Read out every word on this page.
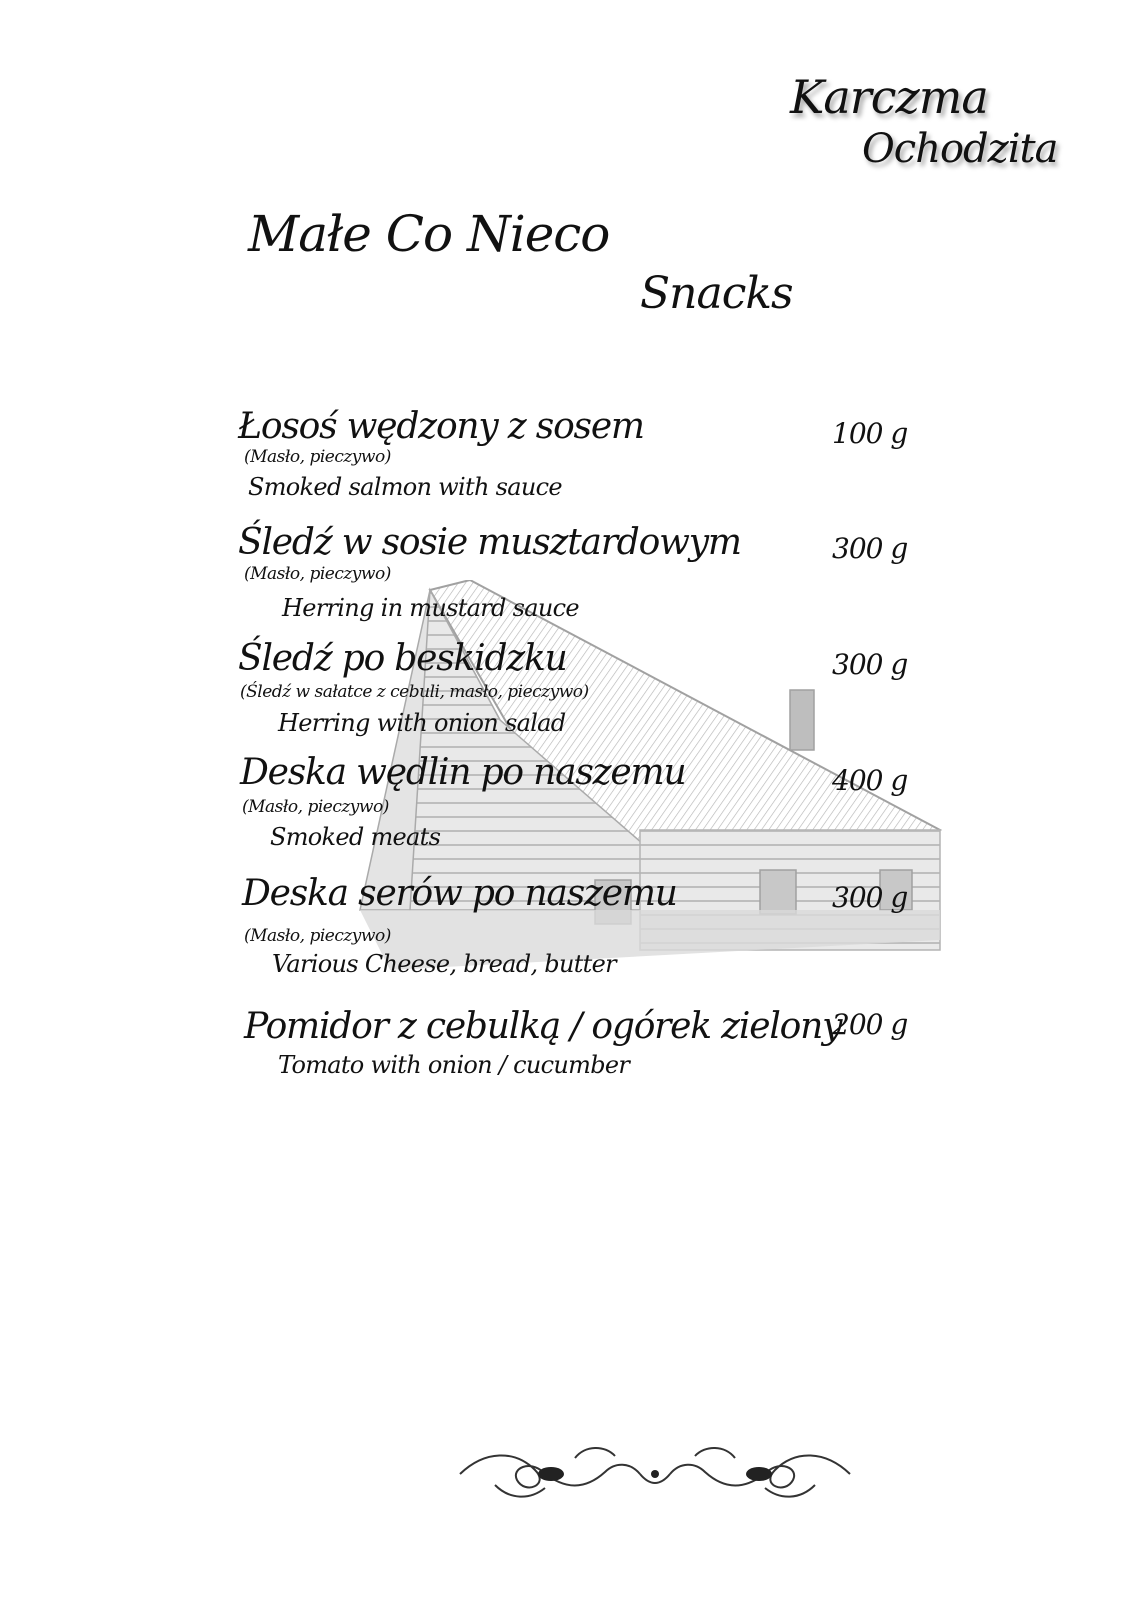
Karczma
Ochodzita
Małe Co Nieco
Snacks
Łosoś wędzony z sosem
(Masło, pieczywo)
Smoked salmon with sauce
100 g
Śledź w sosie musztardowym
(Masło, pieczywo)
Herring in mustard sauce
300 g
Śledź po beskidzku
(Śledź w sałatce z cebuli, masło, pieczywo)
Herring with onion salad
300 g
Deska wędlin po naszemu
(Masło, pieczywo)
Smoked meats
400 g
Deska serów po naszemu
(Masło, pieczywo)
Various Cheese, bread, butter
300 g
Pomidor z cebulką / ogórek zielony
Tomato with onion / cucumber
200 g
